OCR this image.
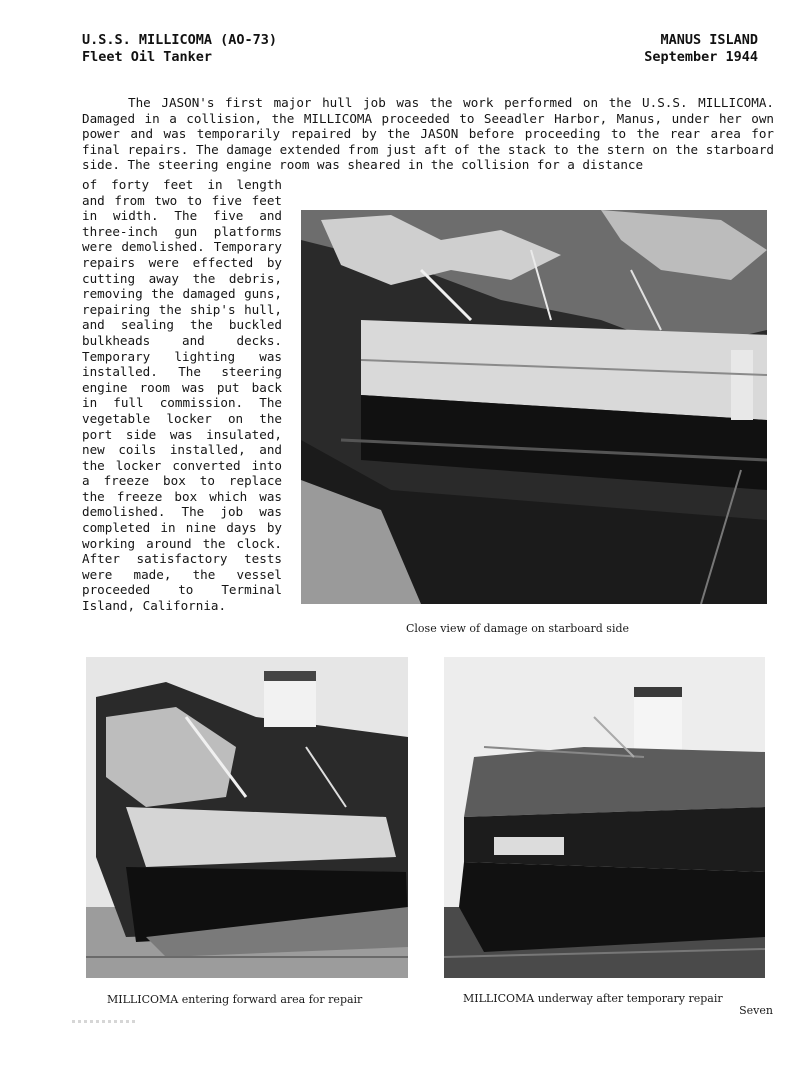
U.S.S. MILLICOMA (AO-73)
Fleet Oil Tanker
MANUS ISLAND
September 1944
The JASON's first major hull job was the work performed on the U.S.S. MILLICOMA. Damaged in a collision, the MILLICOMA proceeded to Seeadler Harbor, Manus, under her own power and was temporarily repaired by the JASON before proceeding to the rear area for final repairs. The damage extended from just aft of the stack to the stern on the starboard side. The steering engine room was sheared in the collision for a distance
of forty feet in length and from two to five feet in width. The five and three-inch gun platforms were demolished. Temporary repairs were effected by cutting away the debris, removing the damaged guns, repairing the ship's hull, and sealing the buckled bulkheads and decks. Temporary lighting was installed. The steering engine room was put back in full commission. The vegetable locker on the port side was insulated, new coils installed, and the locker converted into a freeze box to replace the freeze box which was demolished. The job was completed in nine days by working around the clock. After satisfactory tests were made, the vessel proceeded to Terminal Island, California.
Close view of damage on starboard side
MILLICOMA entering forward area for repair	MILLICOMA underway after temporary repair
Seven
